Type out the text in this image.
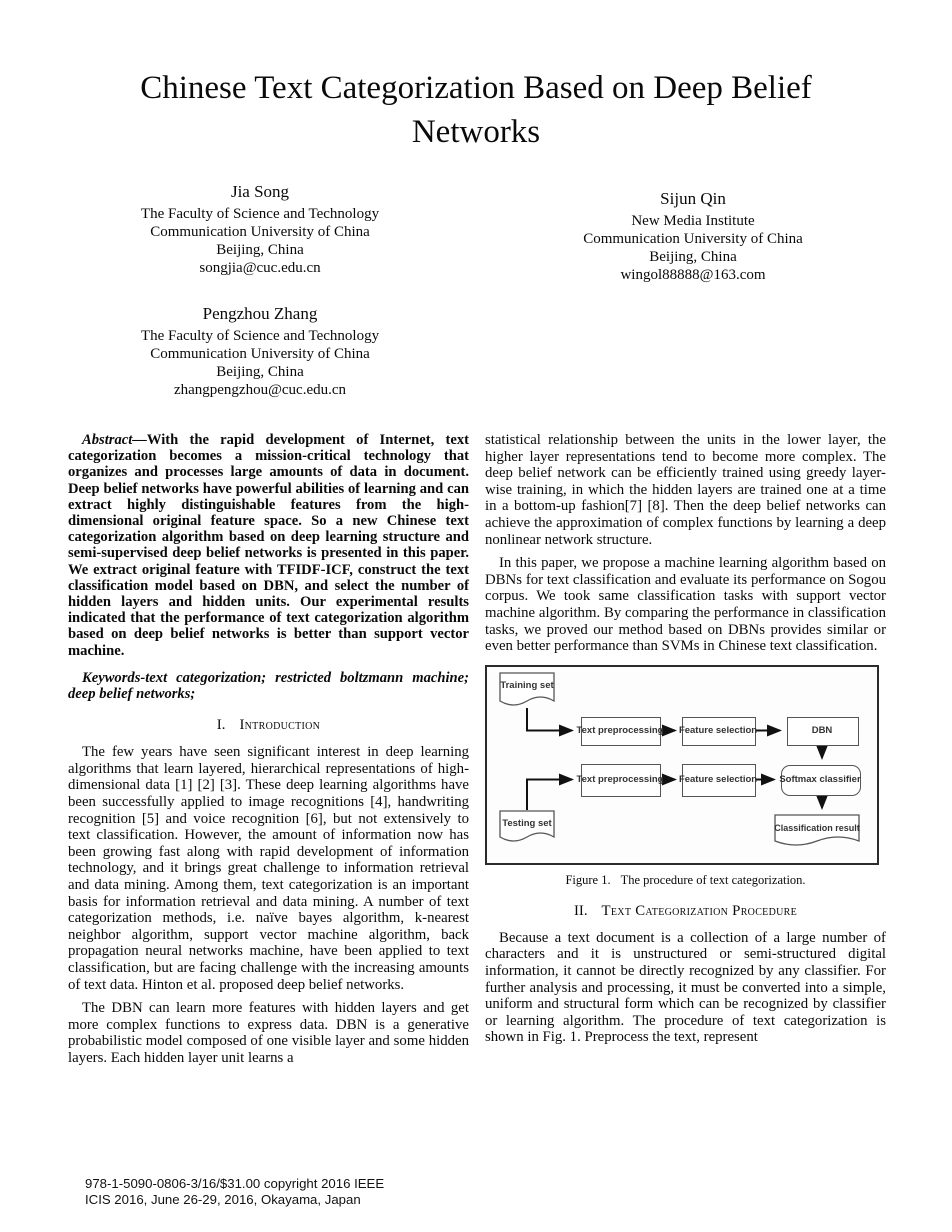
Chinese Text Categorization Based on Deep Belief Networks
Jia Song
The Faculty of Science and Technology
Communication University of China
Beijing, China
songjia@cuc.edu.cn
Sijun Qin
New Media Institute
Communication University of China
Beijing, China
wingol88888@163.com
Pengzhou Zhang
The Faculty of Science and Technology
Communication University of China
Beijing, China
zhangpengzhou@cuc.edu.cn

Abstract—With the rapid development of Internet, text categorization becomes a mission-critical technology that organizes and processes large amounts of data in document. Deep belief networks have powerful abilities of learning and can extract highly distinguishable features from the high-dimensional original feature space. So a new Chinese text categorization algorithm based on deep learning structure and semi-supervised deep belief networks is presented in this paper. We extract original feature with TFIDF-ICF, construct the text classification model based on DBN, and select the number of hidden layers and hidden units. Our experimental results indicated that the performance of text categorization algorithm based on deep belief networks is better than support vector machine.

Keywords-text categorization; restricted boltzmann machine; deep belief networks;

I. Introduction

The few years have seen significant interest in deep learning algorithms that learn layered, hierarchical representations of high-dimensional data [1] [2] [3]. These deep learning algorithms have been successfully applied to image recognitions [4], handwriting recognition [5] and voice recognition [6], but not extensively to text classification. However, the amount of information now has been growing fast along with rapid development of information technology, and it brings great challenge to information retrieval and data mining. Among them, text categorization is an important basis for information retrieval and data mining. A number of text categorization methods, i.e. naïve bayes algorithm, k-nearest neighbor algorithm, support vector machine algorithm, back propagation neural networks machine, have been applied to text classification, but are facing challenge with the increasing amounts of text data. Hinton et al. proposed deep belief networks.

The DBN can learn more features with hidden layers and get more complex functions to express data. DBN is a generative probabilistic model composed of one visible layer and some hidden layers. Each hidden layer unit learns a

statistical relationship between the units in the lower layer, the higher layer representations tend to become more complex. The deep belief network can be efficiently trained using greedy layer-wise training, in which the hidden layers are trained one at a time in a bottom-up fashion[7] [8]. Then the deep belief networks can achieve the approximation of complex functions by learning a deep nonlinear network structure.

In this paper, we propose a machine learning algorithm based on DBNs for text classification and evaluate its performance on Sogou corpus. We took same classification tasks with support vector machine algorithm. By comparing the performance in classification tasks, we proved our method based on DBNs provides similar or even better performance than SVMs in Chinese text classification.

Training set
Text preprocessing Feature selection	DBN
Text preprocessing Feature selection Softmax classifier
Testing set	Classification result
Figure 1. The procedure of text categorization.
II. Text Categorization Procedure

Because a text document is a collection of a large number of characters and it is unstructured or semi-structured digital information, it cannot be directly recognized by any classifier. For further analysis and processing, it must be converted into a simple, uniform and structural form which can be recognized by classifier or learning algorithm. The procedure of text categorization is shown in Fig. 1. Preprocess the text, represent

978-1-5090-0806-3/16/$31.00 copyright 2016 IEEE
ICIS 2016, June 26-29, 2016, Okayama, Japan
